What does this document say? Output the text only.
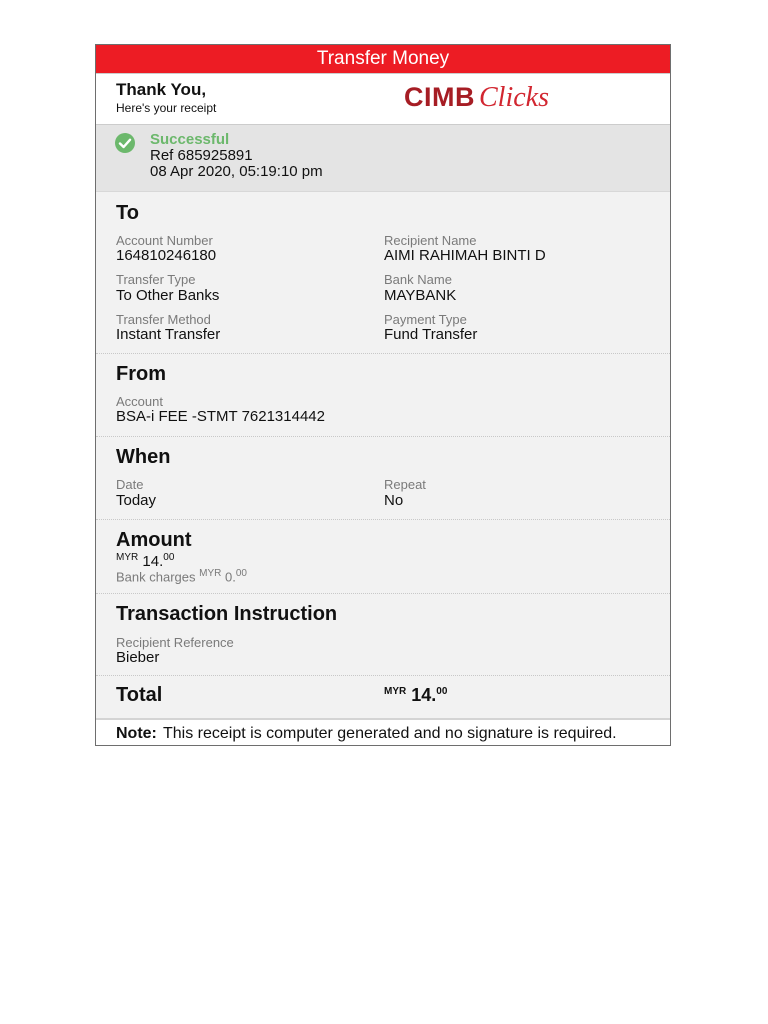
Transfer Money
Thank You,
Here's your receipt	CIMB Clicks
Successful
Ref 685925891
08 Apr 2020, 05:19:10 pm
To
Account Number
164810246180
Recipient Name
AIMI RAHIMAH BINTI D
Transfer Type
To Other Banks
Bank Name
MAYBANK
Transfer Method
Instant Transfer
Payment Type
Fund Transfer
From
Account
BSA-i FEE -STMT 7621314442
When
Date
Today
Repeat
No
Amount
$^{MYR}$ 14.00
Bank charges $^{MYR}$ 0.00
Transaction Instruction
Recipient Reference
Bieber
Total	$^{MYR}$ 14.00
Note: This receipt is computer generated and no signature is required.
